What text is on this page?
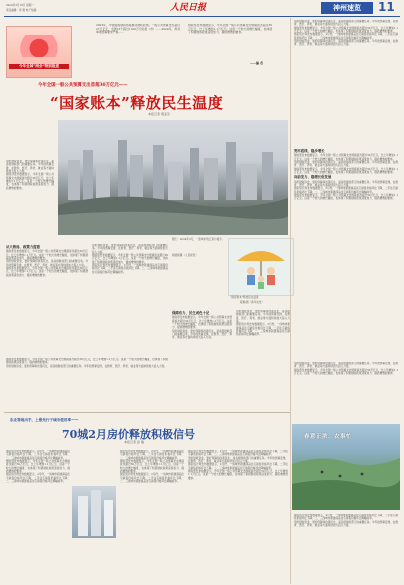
2024年3月18日 星期一
责任编辑：李 翔 电子信箱：	人民日报	神州速览	11
今年全国“两会”特别报道
2023年，中国省级财政衔接推动财政政策。一般公共预算支出超过27万亿元，全国13个超过1100万元的县（市）……2024年，再对单项预算要求严格……
财政部发布数据显示，今年全国一般公共预算支出规模首次超过30万亿元，比上年增加1.1万亿元。这是一个较大的增长幅度，也体现了积极财政政策适度加力、提质增效的要求。
——编 者
今年全国一般公共预算支出首超30万亿元——
“国家账本”释放民生温度
本报记者 葛亚克
用好财政资金，更好保障和改善民生，是各级财政部门的重要任务。今年的预算安排，在教育、医疗、养老、就业等方面持续加大投入力度。
财政部发布数据显示，今年全国一般公共预算支出规模首次超过30万亿元，比上年增加1.1万亿元。这是一个较大的增长幅度，也体现了积极财政政策适度加力、提质增效的要求。
用好财政资金，更好保障和改善民生，是各级财政部门的重要任务。今年的预算安排，在教育、医疗、养老、就业等方面持续加大投入力度。
财政部发布数据显示，今年全国一般公共预算支出规模首次超过30万亿元，比上年增加1.1万亿元。这是一个较大的增长幅度，也体现了积极财政政策适度加力、提质增效的要求。
国家统计局发布数据显示，2月份，一线城市新建商品住宅销售价格环比下降，二手住宅销售价格环比下降；二、三线城市新建商品住宅销售价格环比降幅收窄。
用好财政资金，更好保障和改善民生，是各级财政部门的重要任务。今年的预算安排，在教育、医疗、养老、就业等方面持续加大投入力度。
从大格局、政策力度看
财政部发布数据显示，今年全国一般公共预算支出规模首次超过30万亿元，比上年增加1.1万亿元。这是一个较大的增长幅度，也体现了积极财政政策适度加力、提质增效的要求。
用好财政资金，更好保障和改善民生，是各级财政部门的重要任务。今年的预算安排，在教育、医疗、养老、就业等方面持续加大投入力度。
财政部发布数据显示，今年全国一般公共预算支出规模首次超过30万亿元，比上年增加1.1万亿元。这是一个较大的增长幅度，也体现了积极财政政策适度加力、提质增效的要求。
用好财政资金，更好保障和改善民生，是各级财政部门的重要任务。今年的预算安排，在教育、医疗、养老、就业等方面持续加大投入力度。
财政部发布数据显示，今年全国一般公共预算支出规模首次超过30万亿元，比上年增加1.1万亿元。这是一个较大的增长幅度，也体现了积极财政政策适度加力、提质增效的要求。
国家统计局发布数据显示，2月份，一线城市新建商品住宅销售价格环比下降，二手住宅销售价格环比下降；二、三线城市新建商品住宅销售价格环比降幅收窄。
图①：2024年3月，一座城市的江景与楼宇。
杨国栋摄（人民视觉）
“国家账本”释放民生温度
程硕/图（新华社发）
兜牢底线、稳步增长
财政部发布数据显示，今年全国一般公共预算支出规模首次超过30万亿元，比上年增加1.1万亿元。这是一个较大的增长幅度，也体现了积极财政政策适度加力、提质增效的要求。
用好财政资金，更好保障和改善民生，是各级财政部门的重要任务。今年的预算安排，在教育、医疗、养老、就业等方面持续加大投入力度。
财政部发布数据显示，今年全国一般公共预算支出规模首次超过30万亿元，比上年增加1.1万亿元。这是一个较大的增长幅度，也体现了积极财政政策适度加力、提质增效的要求。
向前发力、稳增长促发展
用好财政资金，更好保障和改善民生，是各级财政部门的重要任务。今年的预算安排，在教育、医疗、养老、就业等方面持续加大投入力度。
国家统计局发布数据显示，2月份，一线城市新建商品住宅销售价格环比下降，二手住宅销售价格环比下降；二、三线城市新建商品住宅销售价格环比降幅收窄。
财政部发布数据显示，今年全国一般公共预算支出规模首次超过30万亿元，比上年增加1.1万亿元。这是一个较大的增长幅度，也体现了积极财政政策适度加力、提质增效的要求。
保障有力、民生成色十足
财政部发布数据显示，今年全国一般公共预算支出规模首次超过30万亿元，比上年增加1.1万亿元。这是一个较大的增长幅度，也体现了积极财政政策适度加力、提质增效的要求。
用好财政资金，更好保障和改善民生，是各级财政部门的重要任务。今年的预算安排，在教育、医疗、养老、就业等方面持续加大投入力度。
用好财政资金，更好保障和改善民生，是各级财政部门的重要任务。今年的预算安排，在教育、医疗、养老、就业等方面持续加大投入力度。
国家统计局发布数据显示，2月份，一线城市新建商品住宅销售价格环比下降，二手住宅销售价格环比下降；二、三线城市新建商品住宅销售价格环比降幅收窄。
财政部发布数据显示，今年全国一般公共预算支出规模首次超过30万亿元，比上年增加1.1万亿元。这是一个较大的增长幅度，也体现了积极财政政策适度加力、提质增效的要求。
用好财政资金，更好保障和改善民生，是各级财政部门的重要任务。今年的预算安排，在教育、医疗、养老、就业等方面持续加大投入力度。
东北等地出手，上涨先行于城市使用率——
70城2月房价释放积极信号
本报记者 孙 瑞
国家统计局发布数据显示，2月份，一线城市新建商品住宅销售价格环比下降，二手住宅销售价格环比下降；二、三线城市新建商品住宅销售价格环比降幅收窄。
财政部发布数据显示，今年全国一般公共预算支出规模首次超过30万亿元，比上年增加1.1万亿元。这是一个较大的增长幅度，也体现了积极财政政策适度加力、提质增效的要求。
国家统计局发布数据显示，2月份，一线城市新建商品住宅销售价格环比下降，二手住宅销售价格环比下降；二、三线城市新建商品住宅销售价格环比降幅收窄。
国家统计局发布数据显示，2月份，一线城市新建商品住宅销售价格环比下降，二手住宅销售价格环比下降；二、三线城市新建商品住宅销售价格环比降幅收窄。
财政部发布数据显示，今年全国一般公共预算支出规模首次超过30万亿元，比上年增加1.1万亿元。这是一个较大的增长幅度，也体现了积极财政政策适度加力、提质增效的要求。
国家统计局发布数据显示，2月份，一线城市新建商品住宅销售价格环比下降，二手住宅销售价格环比下降；二、三线城市新建商品住宅销售价格环比降幅收窄。
国家统计局发布数据显示，2月份，一线城市新建商品住宅销售价格环比下降，二手住宅销售价格环比下降；二、三线城市新建商品住宅销售价格环比降幅收窄。
用好财政资金，更好保障和改善民生，是各级财政部门的重要任务。今年的预算安排，在教育、医疗、养老、就业等方面持续加大投入力度。
国家统计局发布数据显示，2月份，一线城市新建商品住宅销售价格环比下降，二手住宅销售价格环比下降；二、三线城市新建商品住宅销售价格环比降幅收窄。
财政部发布数据显示，今年全国一般公共预算支出规模首次超过30万亿元，比上年增加1.1万亿元。这是一个较大的增长幅度，也体现了积极财政政策适度加力、提质增效的要求。
用好财政资金，更好保障和改善民生，是各级财政部门的重要任务。今年的预算安排，在教育、医疗、养老、就业等方面持续加大投入力度。
财政部发布数据显示，今年全国一般公共预算支出规模首次超过30万亿元，比上年增加1.1万亿元。这是一个较大的增长幅度，也体现了积极财政政策适度加力、提质增效的要求。
春意正浓、农事忙
国家统计局发布数据显示，2月份，一线城市新建商品住宅销售价格环比下降，二手住宅销售价格环比下降；二、三线城市新建商品住宅销售价格环比降幅收窄。
用好财政资金，更好保障和改善民生，是各级财政部门的重要任务。今年的预算安排，在教育、医疗、养老、就业等方面持续加大投入力度。
